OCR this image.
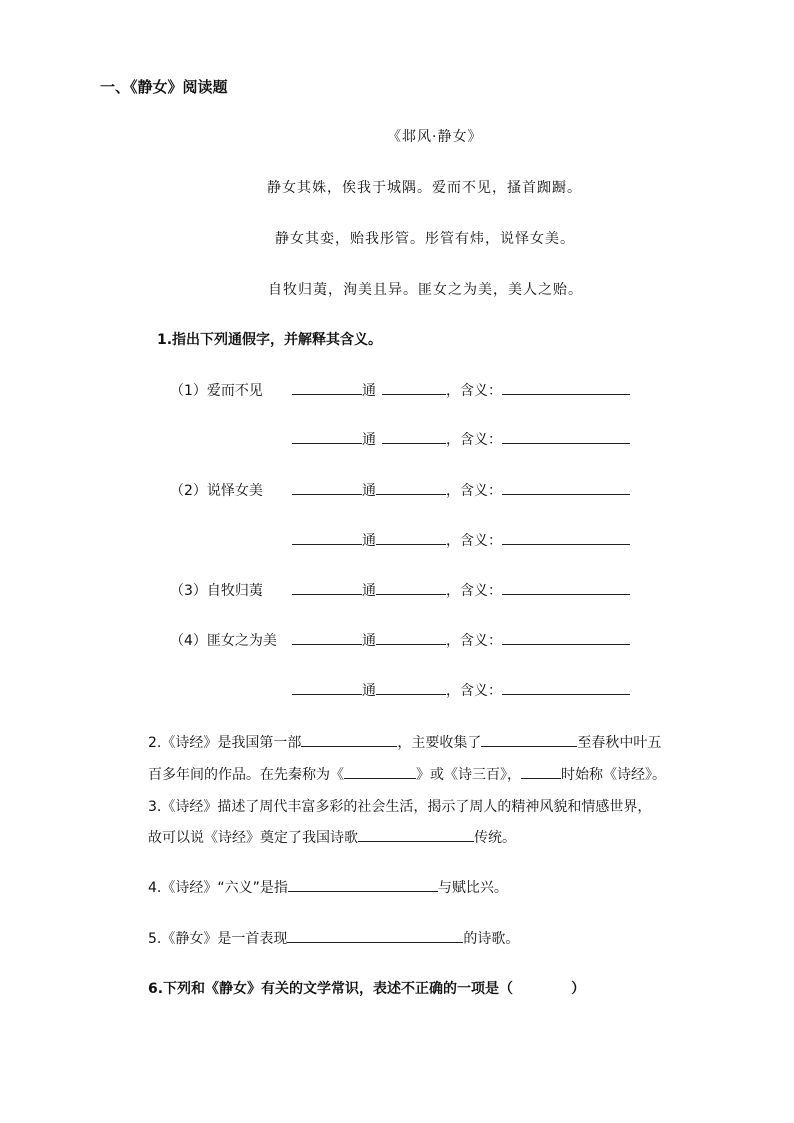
一、《静女》阅读题
《邶风·静女》
静女其姝，俟我于城隅。爱而不见，搔首踟蹰。
静女其娈，贻我彤管。彤管有炜，说怿女美。
自牧归荑，洵美且异。匪女之为美，美人之贻。
1.指出下列通假字，并解释其含义。
（1）爱而不见	通	，含义：
通	，含义：
（2）说怿女美	通	，含义：
通	，含义：
（3）自牧归荑	通	，含义：
（4）匪女之为美	通	，含义：
通	，含义：
2.《诗经》是我国第一部	，主要收集了	至春秋中叶五
百多年间的作品。在先秦称为《	》或《诗三百》，	时始称《诗经》。
3.《诗经》描述了周代丰富多彩的社会生活，揭示了周人的精神风貌和情感世界，
故可以说《诗经》奠定了我国诗歌	传统。
4.《诗经》“六义”是指	与赋比兴。
5.《静女》是一首表现	的诗歌。
6.下列和《静女》有关的文学常识，表述不正确的一项是（	）
